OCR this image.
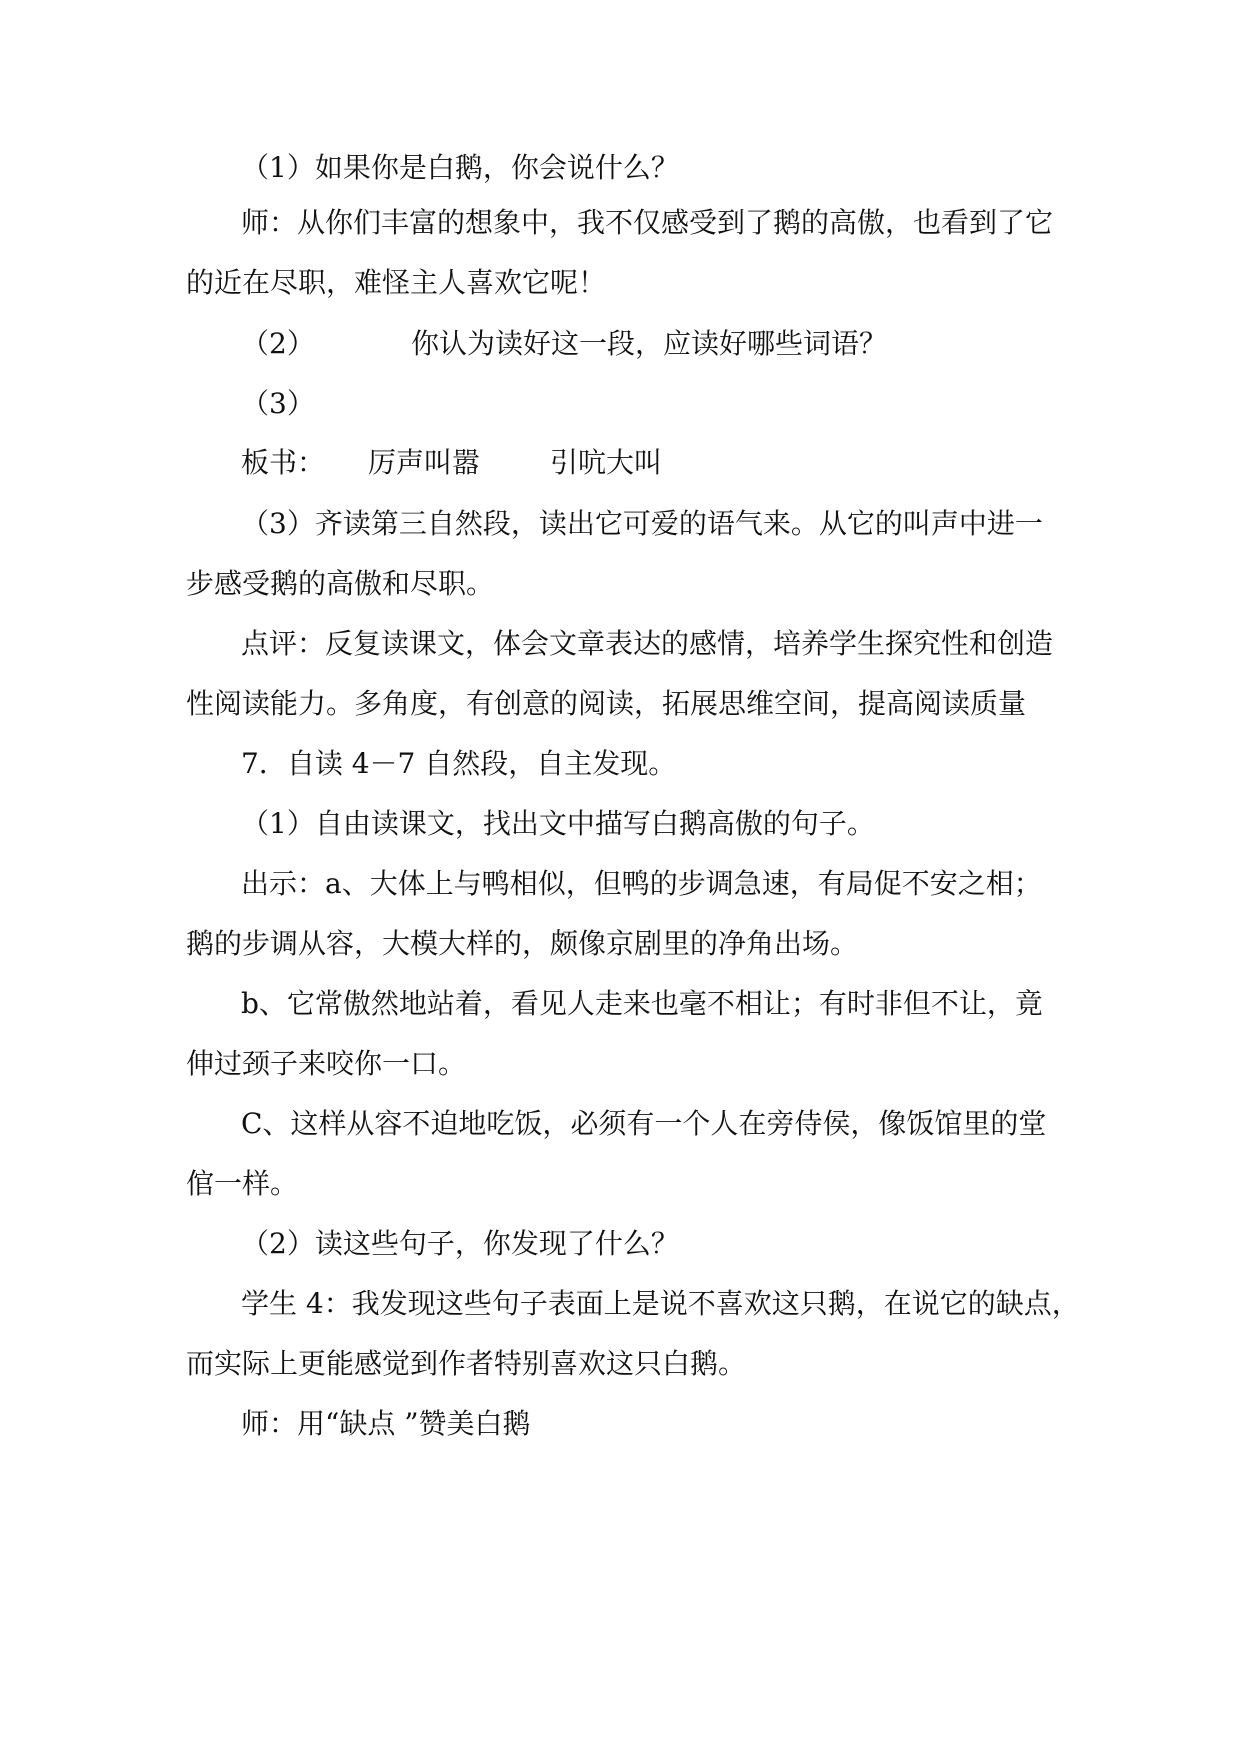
（1）如果你是白鹅，你会说什么？

师：从你们丰富的想象中，我不仅感受到了鹅的高傲，也看到了它

的近在尽职，难怪主人喜欢它呢！

（2）	你认为读好这一段，应读好哪些词语？

（3）

板书： 厉声叫嚣 引吭大叫

（3）齐读第三自然段，读出它可爱的语气来。从它的叫声中进一

步感受鹅的高傲和尽职。

点评：反复读课文，体会文章表达的感情，培养学生探究性和创造

性阅读能力。多角度，有创意的阅读，拓展思维空间，提高阅读质量

7．自读 4－7 自然段，自主发现。

（1）自由读课文，找出文中描写白鹅高傲的句子。

出示：a、大体上与鸭相似，但鸭的步调急速，有局促不安之相；

鹅的步调从容，大模大样的，颇像京剧里的净角出场。

b、它常傲然地站着，看见人走来也毫不相让；有时非但不让，竟

伸过颈子来咬你一口。

C、这样从容不迫地吃饭，必须有一个人在旁侍侯，像饭馆里的堂

倌一样。

（2）读这些句子，你发现了什么？

学生 4：我发现这些句子表面上是说不喜欢这只鹅，在说它的缺点，

而实际上更能感觉到作者特别喜欢这只白鹅。

师：用“缺点 ”赞美白鹅
